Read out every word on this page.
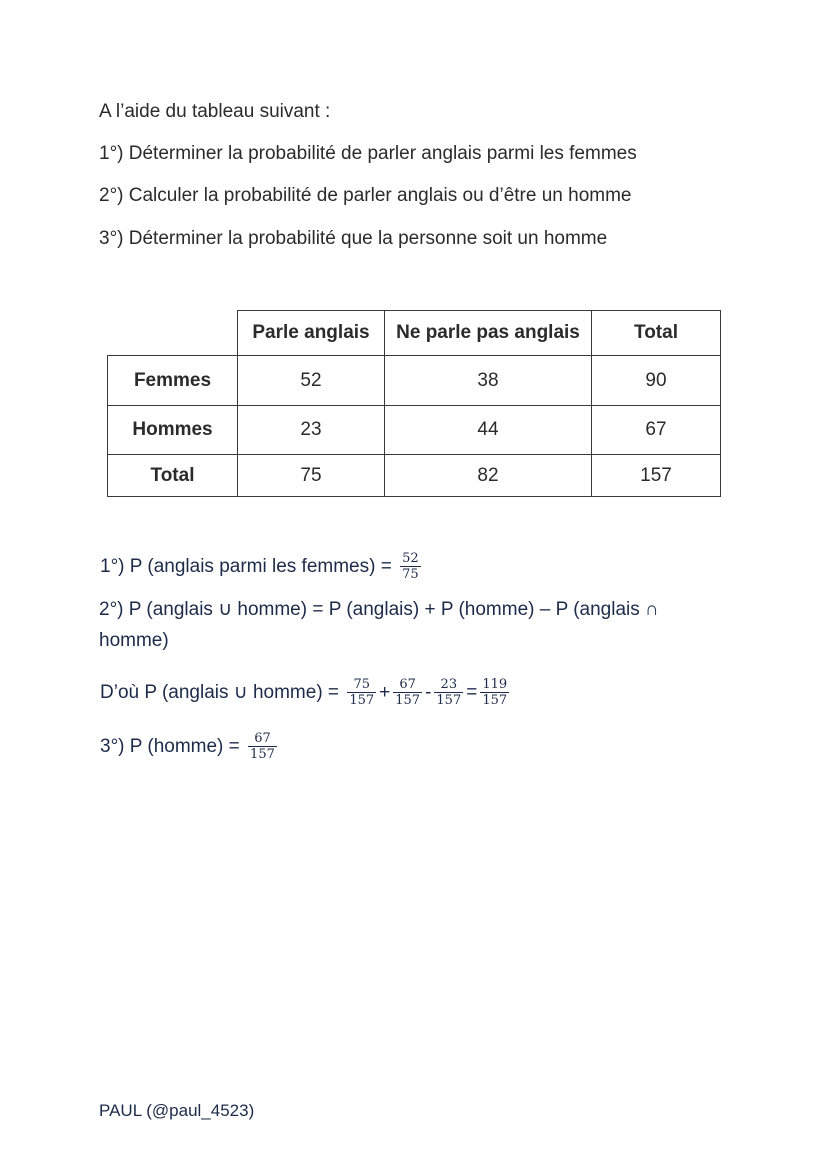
A l’aide du tableau suivant :
1°) Déterminer la probabilité de parler anglais parmi les femmes
2°) Calculer la probabilité de parler anglais ou d’être un homme
3°) Déterminer la probabilité que la personne soit un homme
	Parle anglais	Ne parle pas anglais	Total
Femmes	52	38	90
Hommes	23	44	67
Total	75	82	157
1°) P (anglais parmi les femmes) = $\frac{52}{75}$
2°) P (anglais ∪ homme) = P (anglais) + P (homme) – P (anglais ∩
homme)
D’où P (anglais ∪ homme) = $\frac{75}{157} + \frac{67}{157} - \frac{23}{157} = \frac{119}{157}$
3°) P (homme) = $\frac{67}{157}$
PAUL (@paul_4523)
